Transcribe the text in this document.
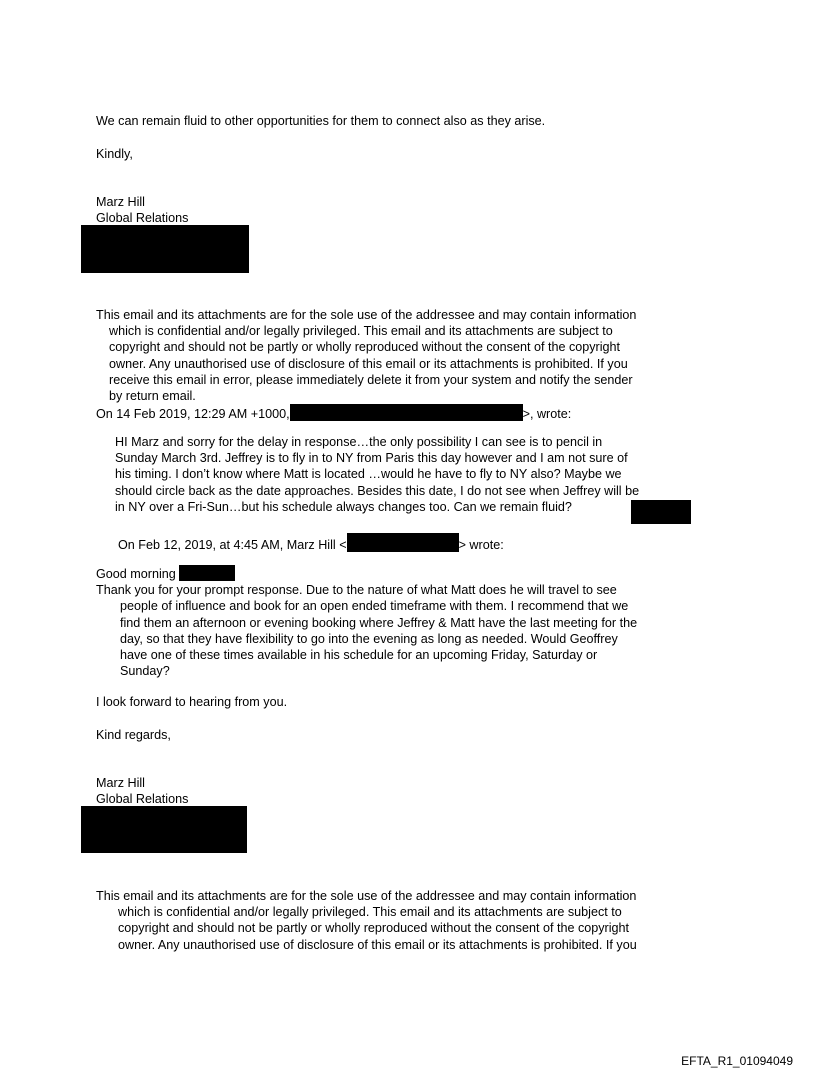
We can remain fluid to other opportunities for them to connect also as they arise.
Kindly,
Marz Hill
Global Relations
This email and its attachments are for the sole use of the addressee and may contain information
which is confidential and/or legally privileged. This email and its attachments are subject to
copyright and should not be partly or wholly reproduced without the consent of the copyright
owner. Any unauthorised use of disclosure of this email or its attachments is prohibited. If you
receive this email in error, please immediately delete it from your system and notify the sender
by return email.
On 14 Feb 2019, 12:29 AM +1000,	>, wrote:
HI Marz and sorry for the delay in response…the only possibility I can see is to pencil in
Sunday March 3rd. Jeffrey is to fly in to NY from Paris this day however and I am not sure of
his timing. I don’t know where Matt is located …would he have to fly to NY also? Maybe we
should circle back as the date approaches. Besides this date, I do not see when Jeffrey will be
in NY over a Fri-Sun…but his schedule always changes too. Can we remain fluid?
On Feb 12, 2019, at 4:45 AM, Marz Hill <	> wrote:
Good morning
Thank you for your prompt response. Due to the nature of what Matt does he will travel to see
people of influence and book for an open ended timeframe with them. I recommend that we
find them an afternoon or evening booking where Jeffrey & Matt have the last meeting for the
day, so that they have flexibility to go into the evening as long as needed. Would Geoffrey
have one of these times available in his schedule for an upcoming Friday, Saturday or
Sunday?
I look forward to hearing from you.
Kind regards,
Marz Hill
Global Relations
This email and its attachments are for the sole use of the addressee and may contain information
which is confidential and/or legally privileged. This email and its attachments are subject to
copyright and should not be partly or wholly reproduced without the consent of the copyright
owner. Any unauthorised use of disclosure of this email or its attachments is prohibited. If you
EFTA_R1_01094049
